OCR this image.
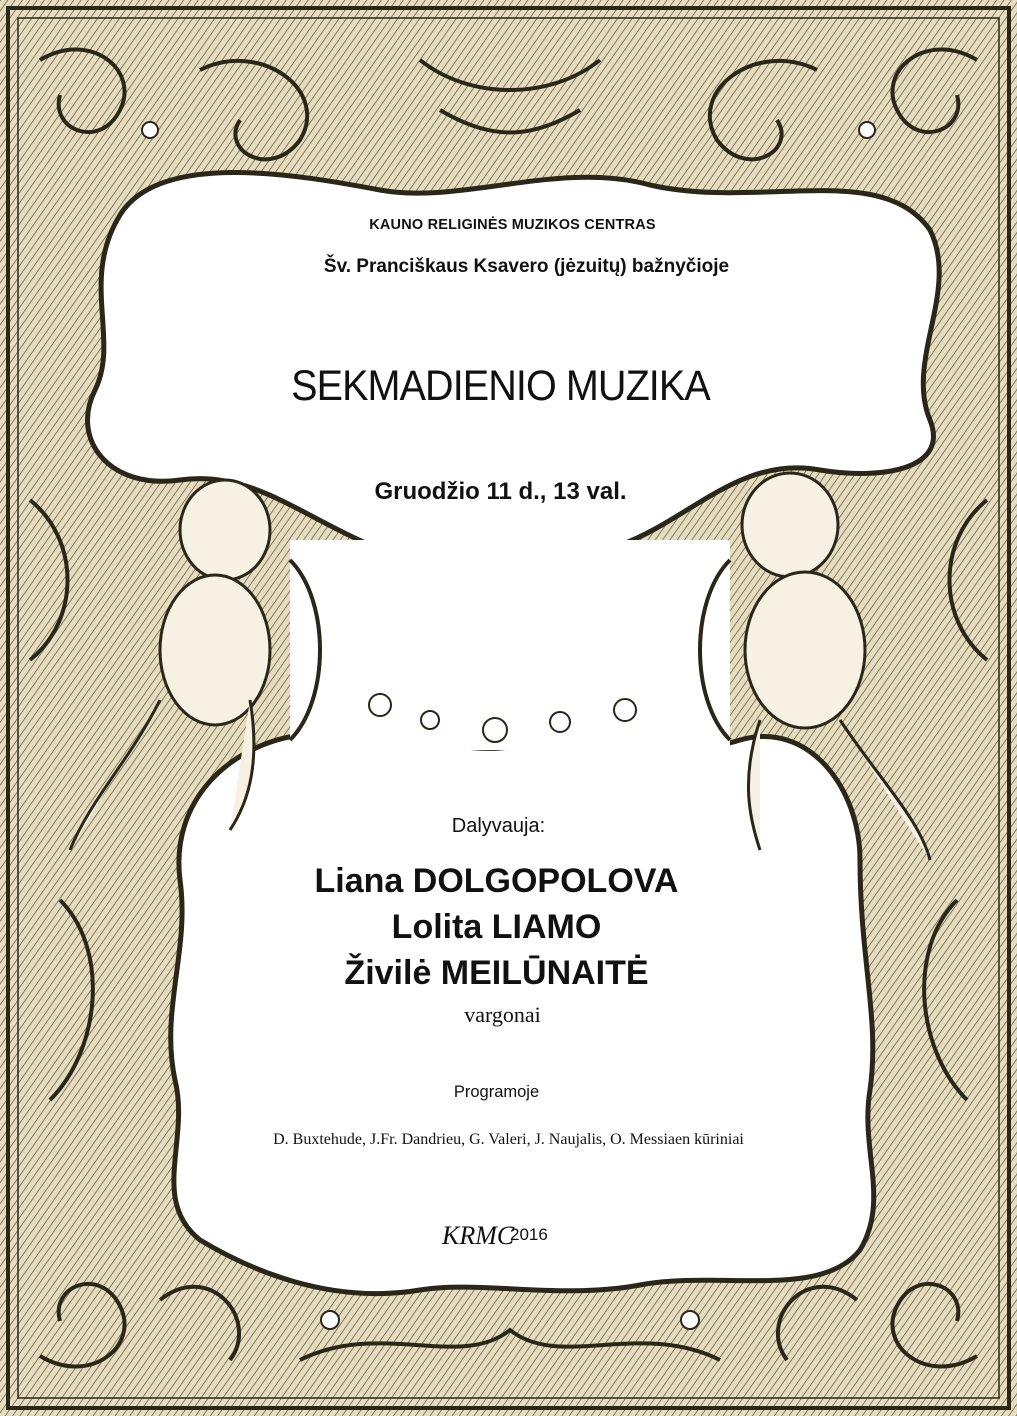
KAUNO RELIGINĖS MUZIKOS CENTRAS
Šv. Pranciškaus Ksavero (jėzuitų) bažnyčioje
SEKMADIENIO MUZIKA
Gruodžio 11 d., 13 val.
Dalyvauja:
Liana DOLGOPOLOVA
Lolita LIAMO
Živilė MEILŪNAITĖ
vargonai
Programoje
D. Buxtehude, J.Fr. Dandrieu, G. Valeri, J. Naujalis, O. Messiaen kūriniai
KRMC
2016
